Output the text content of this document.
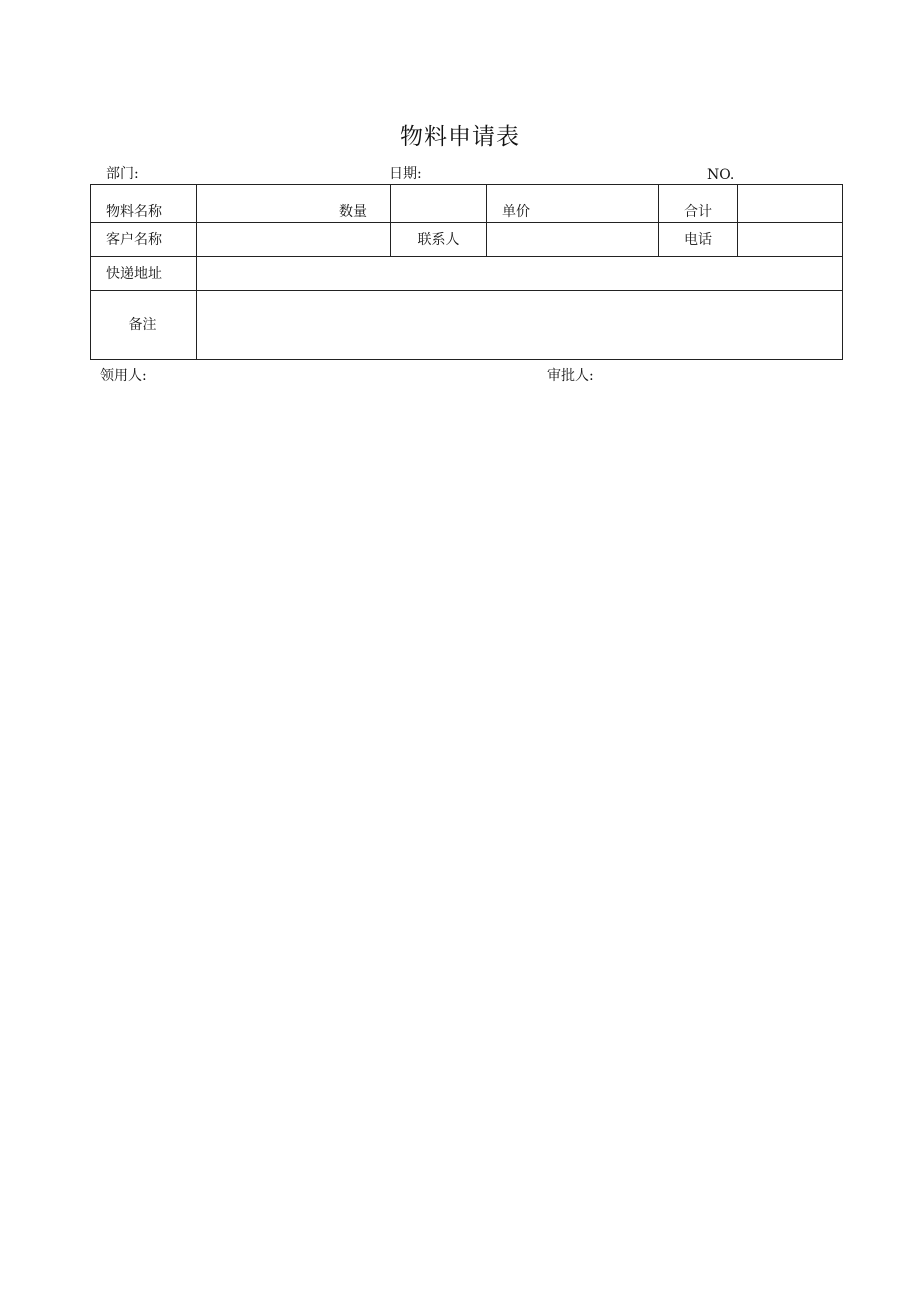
物料申请表
部门:	日期:	NO.
物料名称	数量		单价	合计	
客户名称		联系人		电话	
快递地址					
备注					
领用人:	审批人:
